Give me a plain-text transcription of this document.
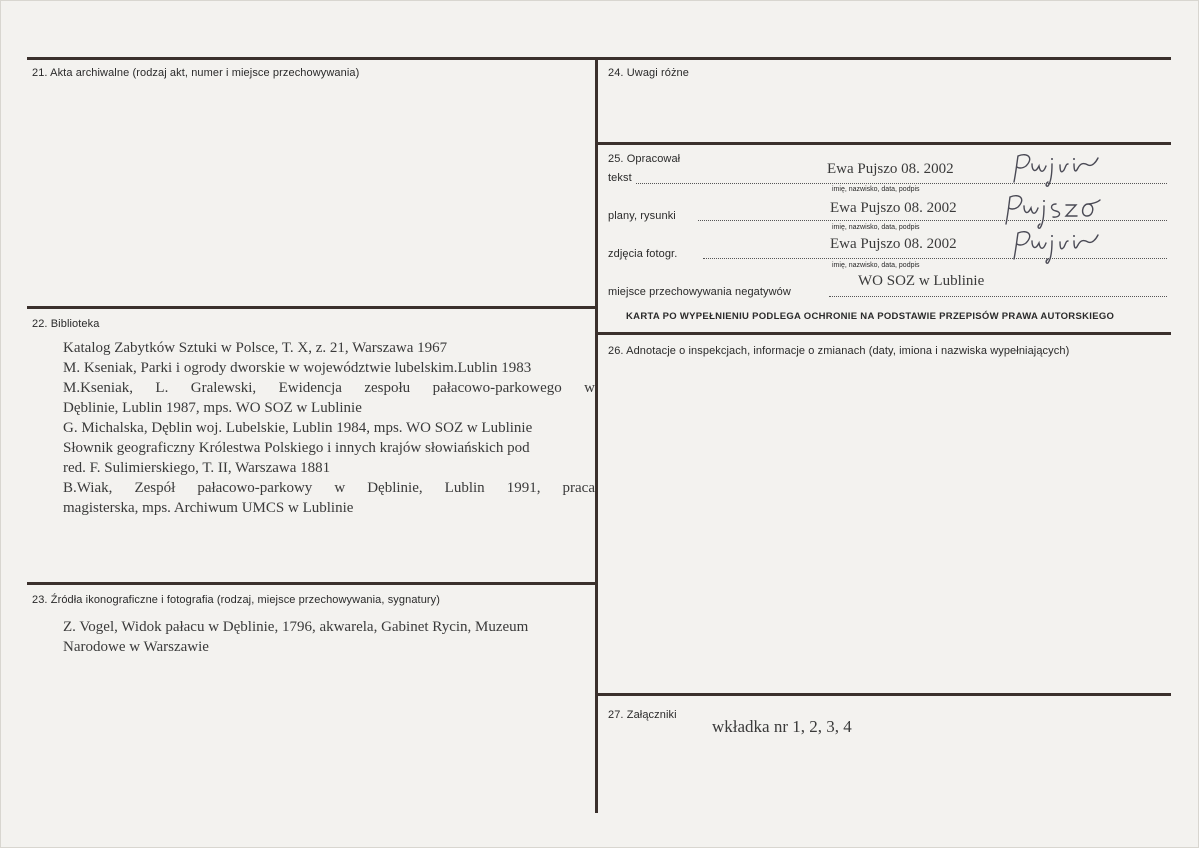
21. Akta archiwalne (rodzaj akt, numer i miejsce przechowywania)
22. Biblioteka
Katalog Zabytków Sztuki w Polsce, T. X, z. 21, Warszawa 1967
M. Kseniak, Parki i ogrody dworskie w województwie lubelskim.Lublin 1983
M.Kseniak, L. Gralewski, Ewidencja zespołu pałacowo-parkowego w
Dęblinie, Lublin 1987, mps. WO SOZ w Lublinie
G. Michalska, Dęblin woj. Lubelskie, Lublin 1984, mps. WO SOZ w Lublinie
Słownik geograficzny Królestwa Polskiego i innych krajów słowiańskich pod
red. F. Sulimierskiego, T. II, Warszawa 1881
B.Wiak, Zespół pałacowo-parkowy w Dęblinie, Lublin 1991, praca
magisterska, mps. Archiwum UMCS w Lublinie
23. Źródła ikonograficzne i fotografia (rodzaj, miejsce przechowywania, sygnatury)
Z. Vogel, Widok pałacu w Dęblinie, 1796, akwarela, Gabinet Rycin, Muzeum
Narodowe w Warszawie
24. Uwagi różne
25. Opracował
tekst
Ewa Pujszo 08. 2002
imię, nazwisko, data, podpis
plany, rysunki	Ewa Pujszo 08. 2002
imię, nazwisko, data, podpis
zdjęcia fotogr.
Ewa Pujszo 08. 2002
imię, nazwisko, data, podpis
miejsce przechowywania negatywów
WO SOZ w Lublinie
KARTA PO WYPEŁNIENIU PODLEGA OCHRONIE NA PODSTAWIE PRZEPISÓW PRAWA AUTORSKIEGO
26. Adnotacje o inspekcjach, informacje o zmianach (daty, imiona i nazwiska wypełniających)
27. Załączniki
wkładka nr 1, 2, 3, 4
